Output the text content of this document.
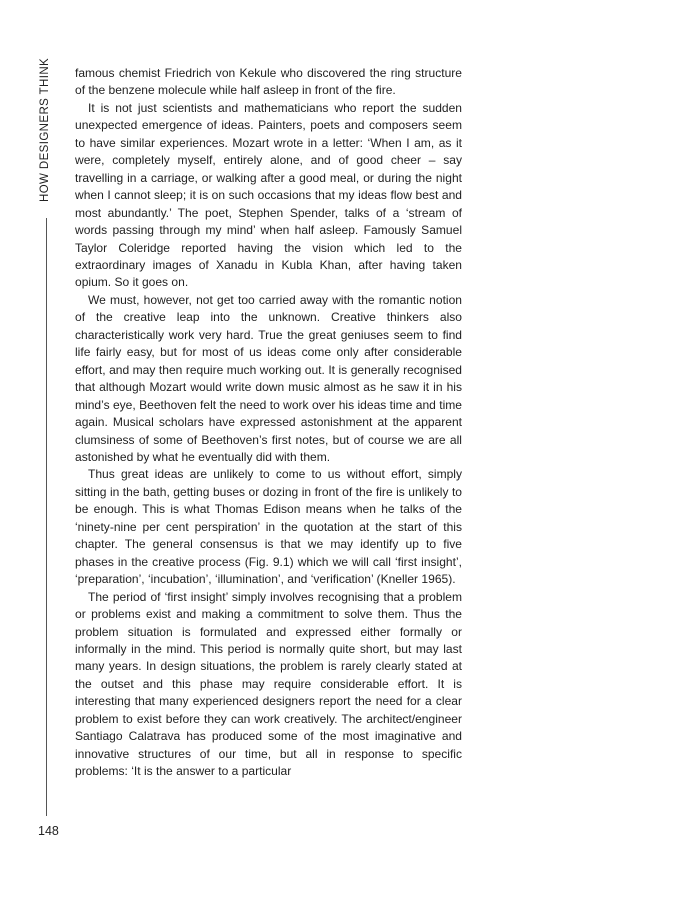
HOW DESIGNERS THINK
148

famous chemist Friedrich von Kekule who discovered the ring structure of the benzene molecule while half asleep in front of the fire.

It is not just scientists and mathematicians who report the sudden unexpected emergence of ideas. Painters, poets and composers seem to have similar experiences. Mozart wrote in a letter: ‘When I am, as it were, completely myself, entirely alone, and of good cheer – say travelling in a carriage, or walking after a good meal, or during the night when I cannot sleep; it is on such occasions that my ideas flow best and most abundantly.’ The poet, Stephen Spender, talks of a ‘stream of words passing through my mind’ when half asleep. Famously Samuel Taylor Coleridge reported having the vision which led to the extraordinary images of Xanadu in Kubla Khan, after having taken opium. So it goes on.

We must, however, not get too carried away with the romantic notion of the creative leap into the unknown. Creative thinkers also characteristically work very hard. True the great geniuses seem to find life fairly easy, but for most of us ideas come only after considerable effort, and may then require much working out. It is generally recognised that although Mozart would write down music almost as he saw it in his mind’s eye, Beethoven felt the need to work over his ideas time and time again. Musical scholars have expressed astonishment at the apparent clumsiness of some of Beethoven’s first notes, but of course we are all astonished by what he eventually did with them.

Thus great ideas are unlikely to come to us without effort, simply sitting in the bath, getting buses or dozing in front of the fire is unlikely to be enough. This is what Thomas Edison means when he talks of the ‘ninety-nine per cent perspiration’ in the quotation at the start of this chapter. The general consensus is that we may identify up to five phases in the creative process (Fig. 9.1) which we will call ‘first insight’, ‘preparation’, ‘incubation’, ‘illumination’, and ‘verification’ (Kneller 1965).

The period of ‘first insight’ simply involves recognising that a problem or problems exist and making a commitment to solve them. Thus the problem situation is formulated and expressed either formally or informally in the mind. This period is normally quite short, but may last many years. In design situations, the problem is rarely clearly stated at the outset and this phase may require considerable effort. It is interesting that many experienced designers report the need for a clear problem to exist before they can work creatively. The architect/engineer Santiago Calatrava has produced some of the most imaginative and innovative structures of our time, but all in response to specific problems: ‘It is the answer to a particular
